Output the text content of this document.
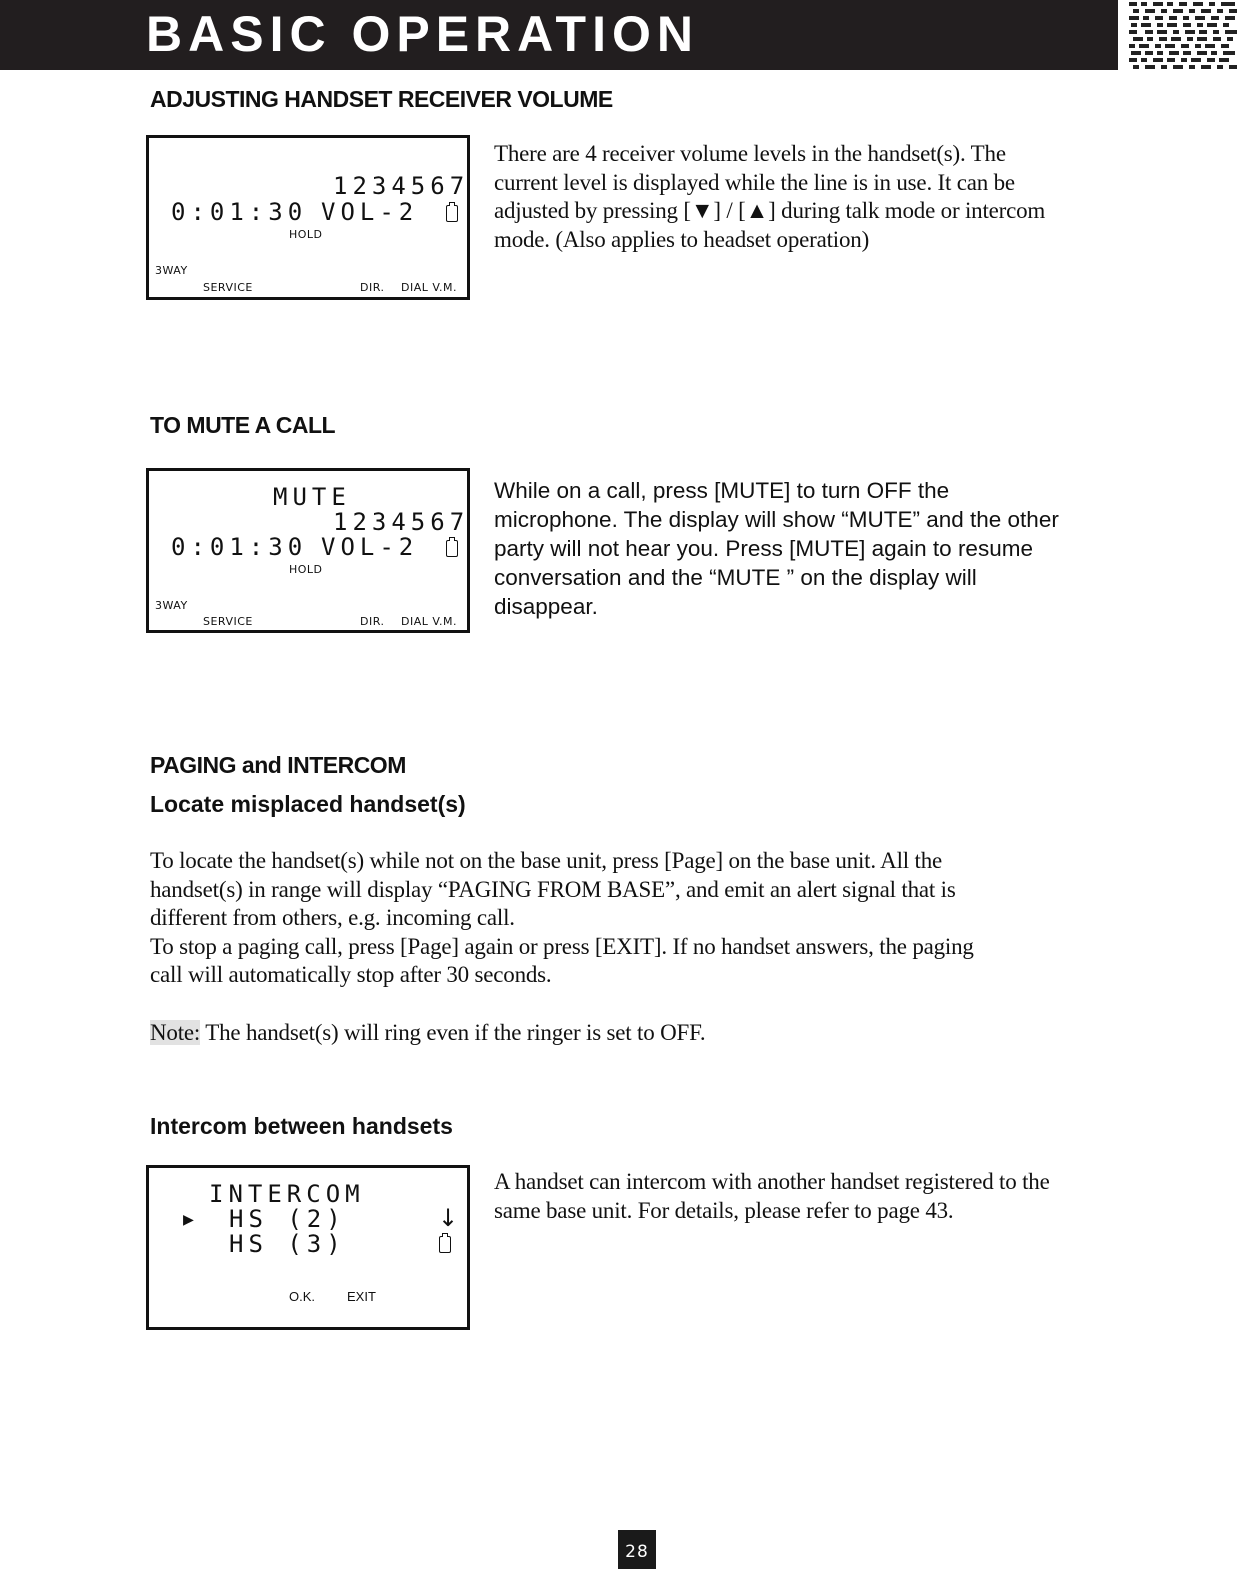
BASIC OPERATION
ADJUSTING HANDSET RECEIVER VOLUME
1234567
0:01:30 VOL-2
HOLD
3WAY
SERVICE	DIR. DIAL V.M.
There are 4 receiver volume levels in the handset(s). The
current level is displayed while the line is in use. It can be
adjusted by pressing [▼] / [▲] during talk mode or intercom
mode. (Also applies to headset operation)
TO MUTE A CALL
MUTE
1234567
0:01:30 VOL-2
HOLD
3WAY
SERVICE	DIR. DIAL V.M.
While on a call, press [MUTE] to turn OFF the
microphone. The display will show “MUTE” and the other
party will not hear you. Press [MUTE] again to resume
conversation and the “MUTE ” on the display will
disappear.
PAGING and INTERCOM
Locate misplaced handset(s)
To locate the handset(s) while not on the base unit, press [Page] on the base unit. All the
handset(s) in range will display “PAGING FROM BASE”, and emit an alert signal that is
different from others, e.g. incoming call.
To stop a paging call, press [Page] again or press [EXIT]. If no handset answers, the paging
call will automatically stop after 30 seconds.
Note: The handset(s) will ring even if the ringer is set to OFF.
Intercom between handsets
INTERCOM
▶ HS (2)	↓
HS (3)
O.K. EXIT
A handset can intercom with another handset registered to the
same base unit. For details, please refer to page 43.
28
